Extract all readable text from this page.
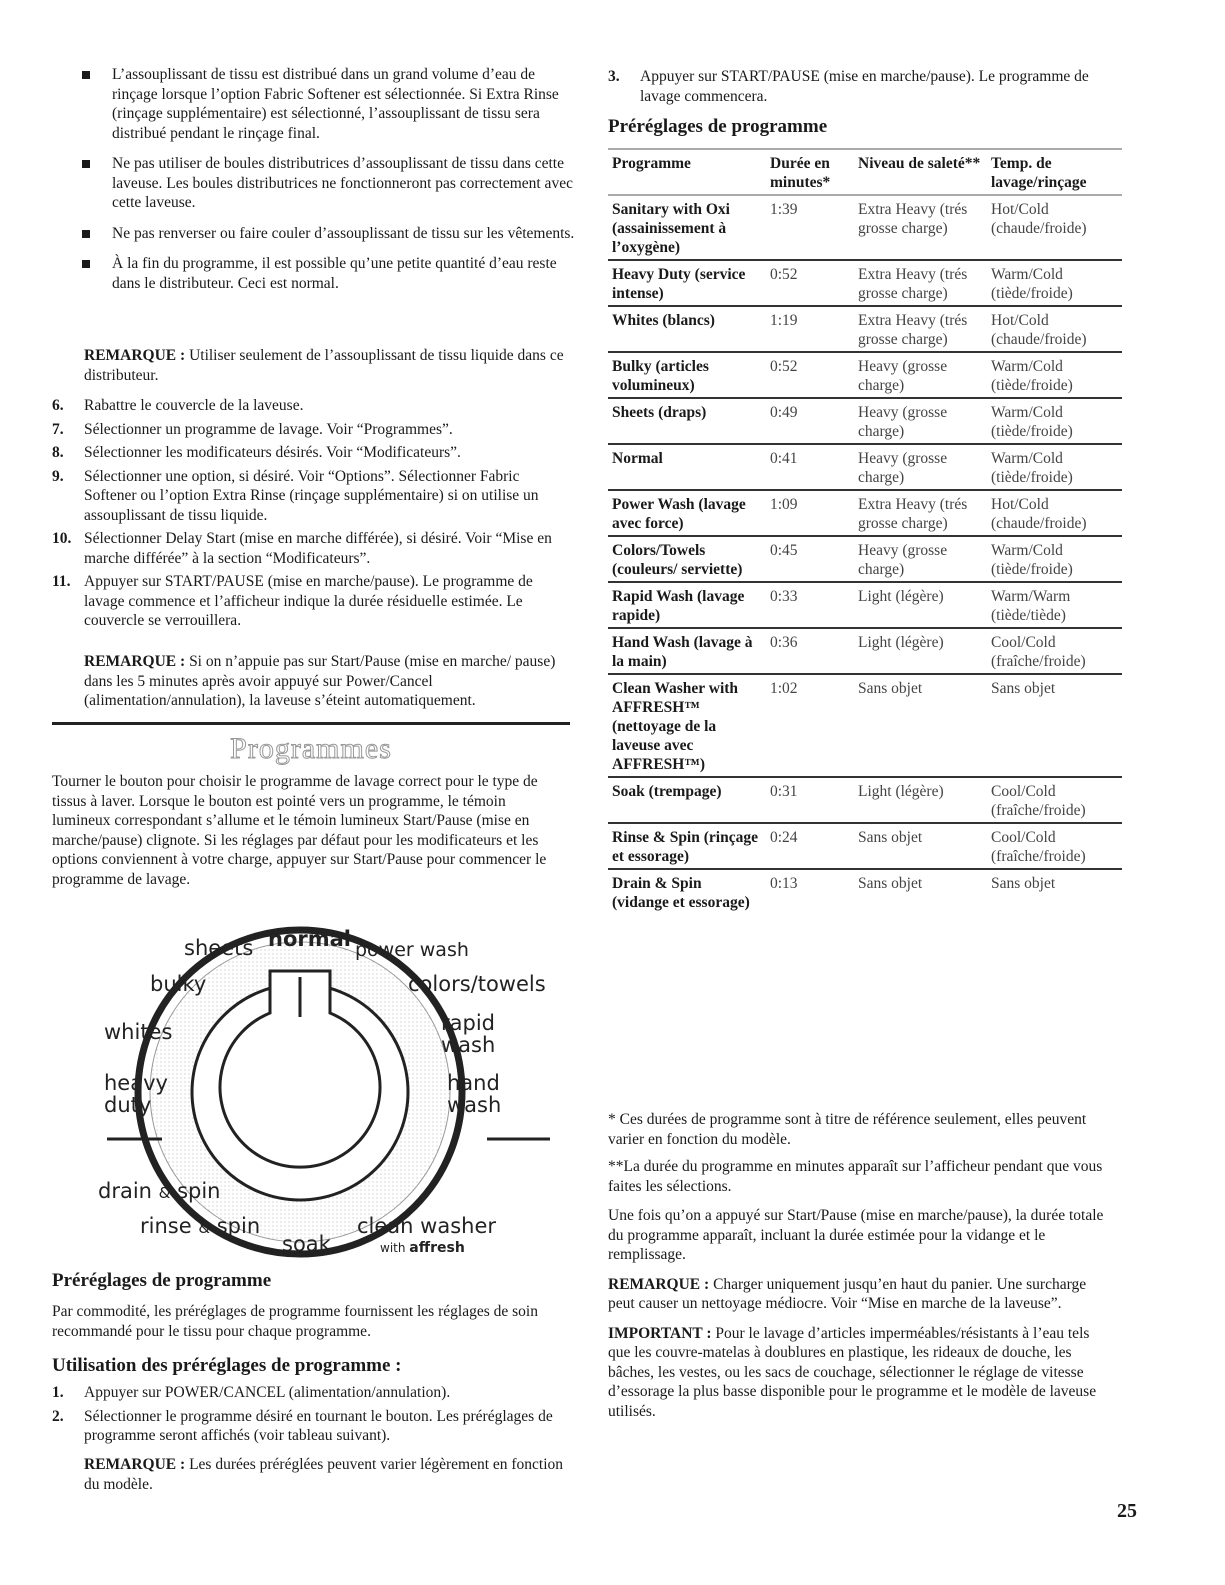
L’assouplissant de tissu est distribué dans un grand volume d’eau de rinçage lorsque l’option Fabric Softener est sélectionnée. Si Extra Rinse (rinçage supplémentaire) est sélectionné, l’assouplissant de tissu sera distribué pendant le rinçage final.
Ne pas utiliser de boules distributrices d’assouplissant de tissu dans cette laveuse. Les boules distributrices ne fonctionneront pas correctement avec cette laveuse.
Ne pas renverser ou faire couler d’assouplissant de tissu sur les vêtements.
À la fin du programme, il est possible qu’une petite quantité d’eau reste dans le distributeur. Ceci est normal.

REMARQUE : Utiliser seulement de l’assouplissant de tissu liquide dans ce distributeur.

6. Rabattre le couvercle de la laveuse.
7. Sélectionner un programme de lavage. Voir “Programmes”.
8. Sélectionner les modificateurs désirés. Voir “Modificateurs”.
9. Sélectionner une option, si désiré. Voir “Options”. Sélectionner Fabric Softener ou l’option Extra Rinse (rinçage supplémentaire) si on utilise un assouplissant de tissu liquide.
10. Sélectionner Delay Start (mise en marche différée), si désiré. Voir “Mise en marche différée” à la section “Modificateurs”.
11. Appuyer sur START/PAUSE (mise en marche/pause). Le programme de lavage commence et l’afficheur indique la durée résiduelle estimée. Le couvercle se verrouillera.

REMARQUE : Si on n’appuie pas sur Start/Pause (mise en marche/ pause) dans les 5 minutes après avoir appuyé sur Power/Cancel (alimentation/annulation), la laveuse s’éteint automatiquement.

Programmes

Tourner le bouton pour choisir le programme de lavage correct pour le type de tissus à laver. Lorsque le bouton est pointé vers un programme, le témoin lumineux correspondant s’allume et le témoin lumineux Start/Pause (mise en marche/pause) clignote. Si les réglages par défaut pour les modificateurs et les options conviennent à votre charge, appuyer sur Start/Pause pour commencer le programme de lavage.

normal
sheets	power wash
bulky	colors/towels
whites	rapid
wash
heavy
duty
hand
wash
drain & spin
rinse & spin	clean washer
soak	with affresh

Préréglages de programme

Par commodité, les préréglages de programme fournissent les réglages de soin recommandé pour le tissu pour chaque programme.

Utilisation des préréglages de programme :

1. Appuyer sur POWER/CANCEL (alimentation/annulation).
2. Sélectionner le programme désiré en tournant le bouton. Les préréglages de programme seront affichés (voir tableau suivant).

REMARQUE : Les durées préréglées peuvent varier légèrement en fonction du modèle.

3. Appuyer sur START/PAUSE (mise en marche/pause). Le programme de lavage commencera.

Préréglages de programme

Programme	Durée en minutes*	Niveau de saleté**	Temp. de lavage/rinçage
Sanitary with Oxi (assainissement à l’oxygène)	1:39	Extra Heavy (trés grosse charge)	Hot/Cold (chaude/froide)
Heavy Duty (service intense)	0:52	Extra Heavy (trés grosse charge)	Warm/Cold (tiède/froide)
Whites (blancs)	1:19	Extra Heavy (trés grosse charge)	Hot/Cold (chaude/froide)
Bulky (articles volumineux)	0:52	Heavy (grosse charge)	Warm/Cold (tiède/froide)
Sheets (draps)	0:49	Heavy (grosse charge)	Warm/Cold (tiède/froide)
Normal	0:41	Heavy (grosse charge)	Warm/Cold (tiède/froide)
Power Wash (lavage avec force)	1:09	Extra Heavy (trés grosse charge)	Hot/Cold (chaude/froide)
Colors/Towels (couleurs/ serviette)	0:45	Heavy (grosse charge)	Warm/Cold (tiède/froide)
Rapid Wash (lavage rapide)	0:33	Light (légère)	Warm/Warm (tiède/tiède)
Hand Wash (lavage à la main)	0:36	Light (légère)	Cool/Cold (fraîche/froide)
Clean Washer with AFFRESH™ (nettoyage de la laveuse avec AFFRESH™)	1:02	Sans objet	Sans objet
Soak (trempage)	0:31	Light (légère)	Cool/Cold (fraîche/froide)
Rinse & Spin (rinçage et essorage)	0:24	Sans objet	Cool/Cold (fraîche/froide)
Drain & Spin (vidange et essorage)	0:13	Sans objet	Sans objet

* Ces durées de programme sont à titre de référence seulement, elles peuvent varier en fonction du modèle.

**La durée du programme en minutes apparaît sur l’afficheur pendant que vous faites les sélections.

Une fois qu’on a appuyé sur Start/Pause (mise en marche/pause), la durée totale du programme apparaît, incluant la durée estimée pour la vidange et le remplissage.

REMARQUE : Charger uniquement jusqu’en haut du panier. Une surcharge peut causer un nettoyage médiocre. Voir “Mise en marche de la laveuse”.

IMPORTANT : Pour le lavage d’articles imperméables/résistants à l’eau tels que les couvre-matelas à doublures en plastique, les rideaux de douche, les bâches, les vestes, ou les sacs de couchage, sélectionner le réglage de vitesse d’essorage la plus basse disponible pour le programme et le modèle de laveuse utilisés.

25
